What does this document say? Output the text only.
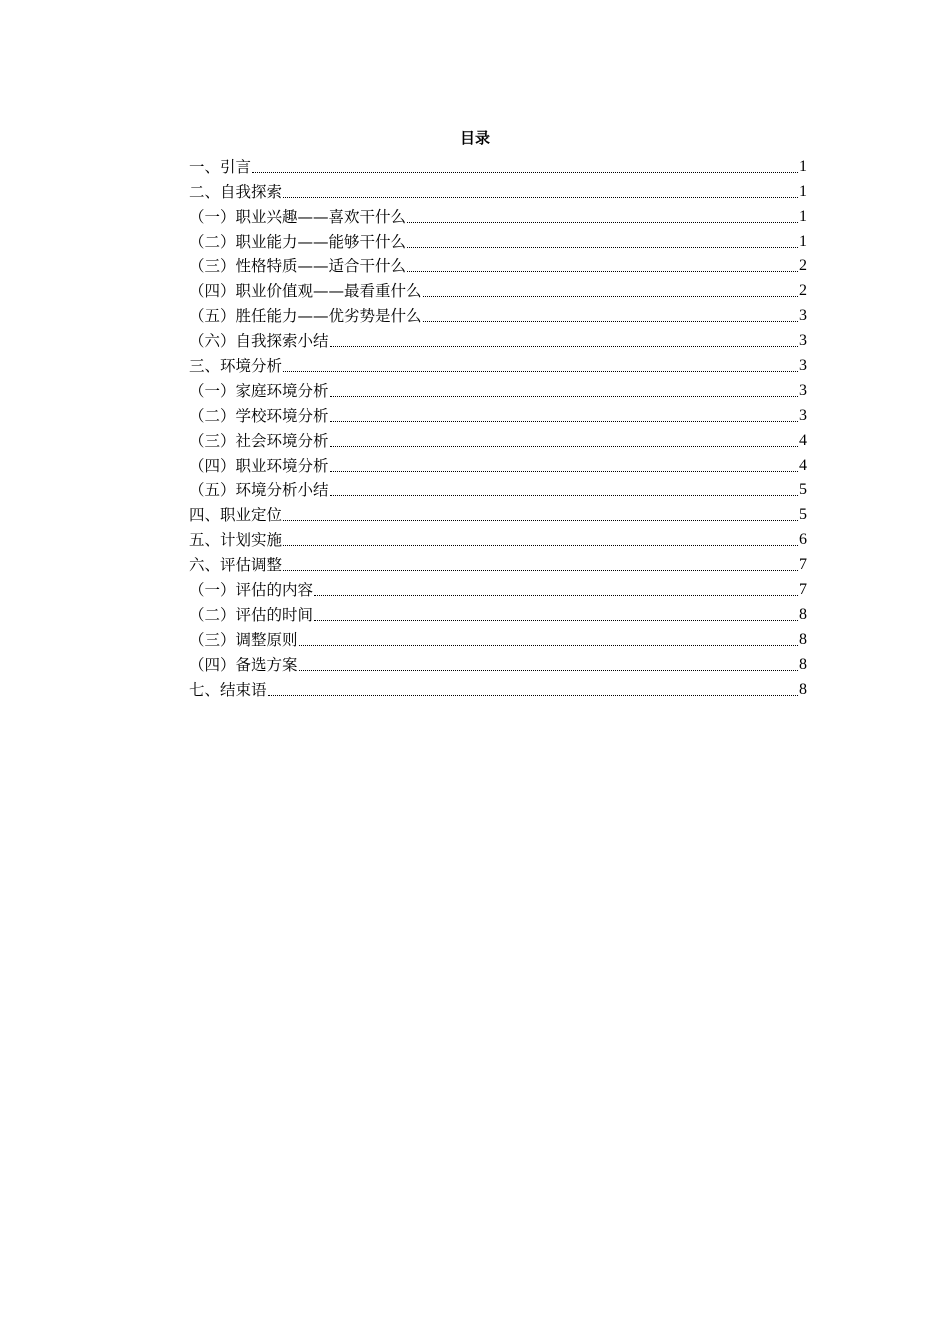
目录
一、引言	1
二、自我探索	1
（一）职业兴趣——喜欢干什么	1
（二）职业能力——能够干什么	1
（三）性格特质——适合干什么	2
（四）职业价值观——最看重什么	2
（五）胜任能力——优劣势是什么	3
（六）自我探索小结	3
三、环境分析	3
（一）家庭环境分析	3
（二）学校环境分析	3
（三）社会环境分析	4
（四）职业环境分析	4
（五）环境分析小结	5
四、职业定位	5
五、计划实施	6
六、评估调整	7
（一）评估的内容	7
（二）评估的时间	8
（三）调整原则	8
（四）备选方案	8
七、结束语	8
